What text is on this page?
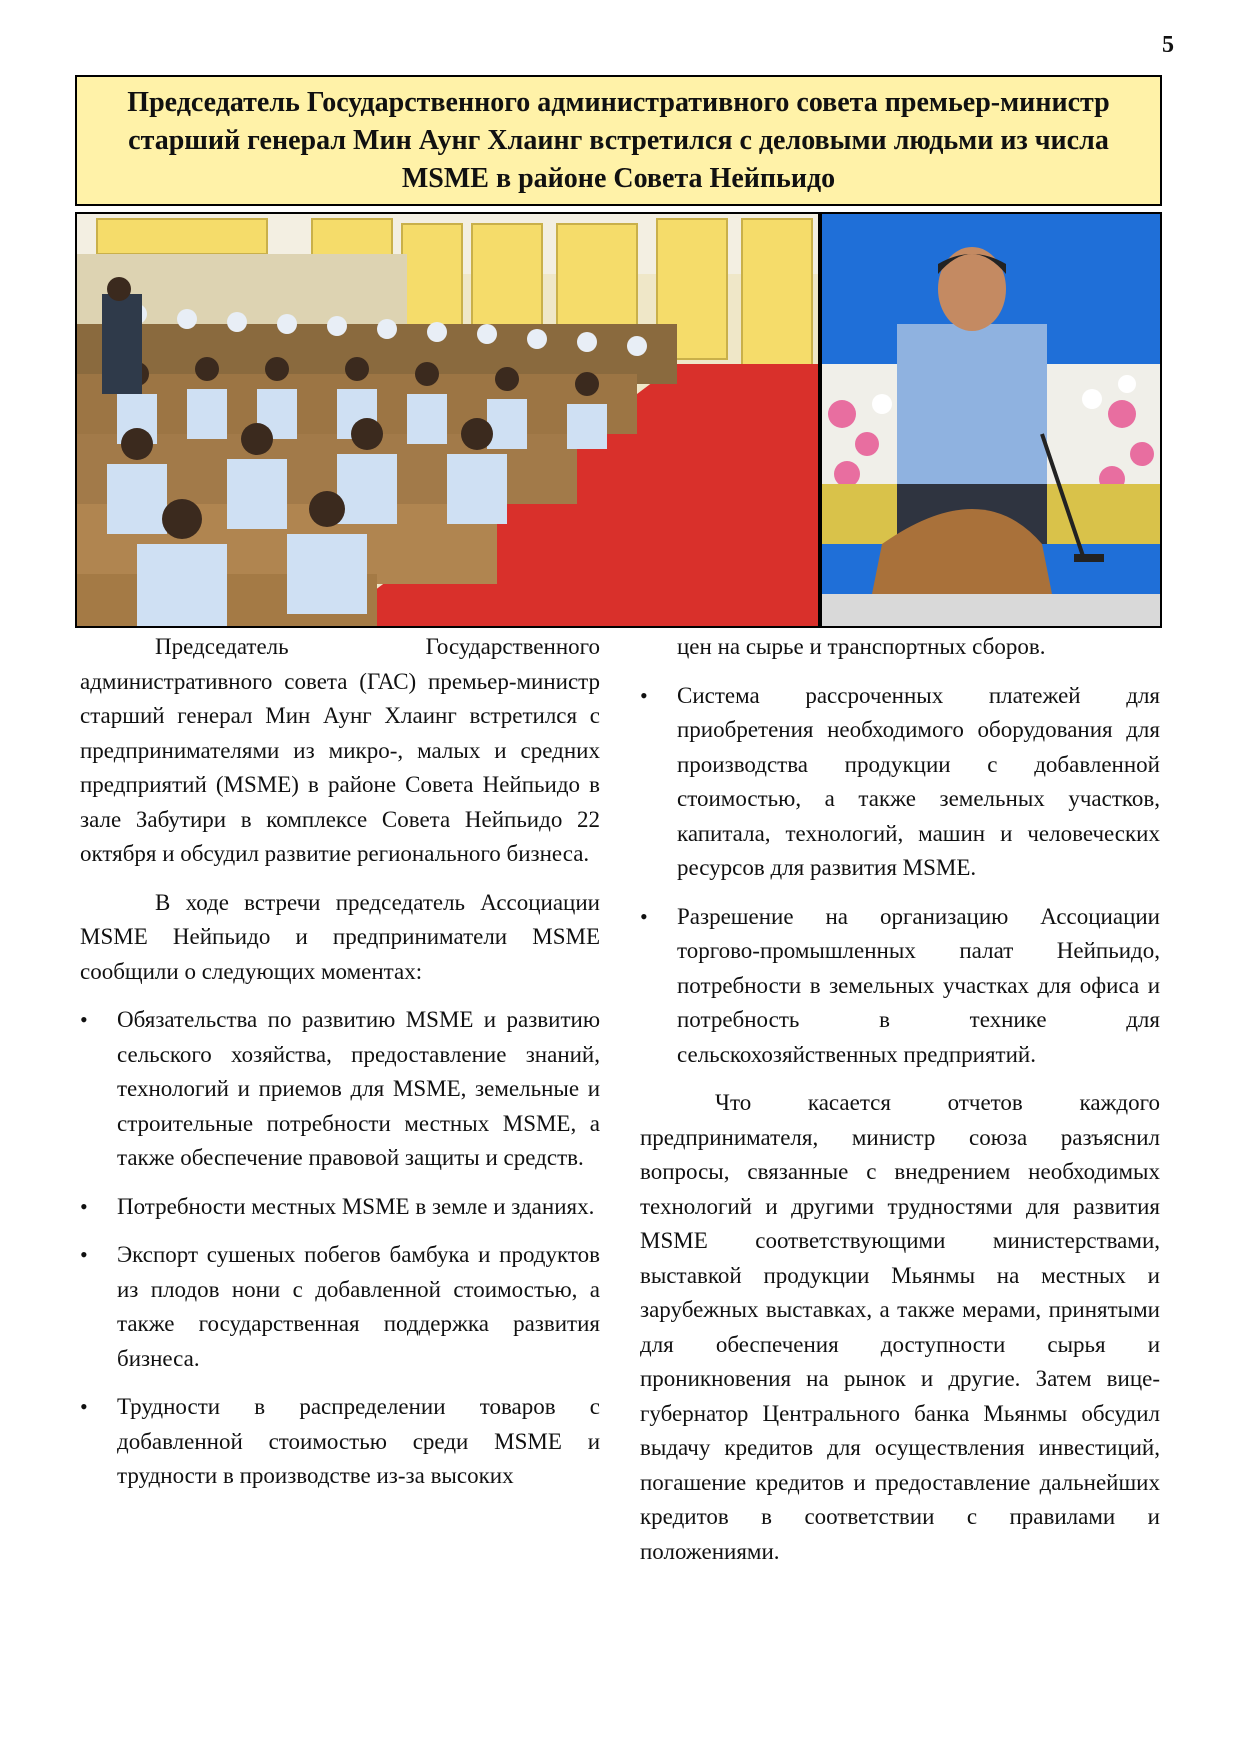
5
Председатель Государственного административного совета премьер-министр старший генерал Мин Аунг Хлаинг встретился с деловыми людьми из числа MSME в районе Совета Нейпьидо

Председатель Государственного административного совета (ГАС) премьер-министр старший генерал Мин Аунг Хлаинг встретился с предпринимателями из микро-, малых и средних предприятий (MSME) в районе Совета Нейпьидо в зале Забутири в комплексе Совета Нейпьидо 22 октября и обсудил развитие регионального бизнеса.

В ходе встречи председатель Ассоциации MSME Нейпьидо и предприниматели MSME сообщили о следующих моментах:

• Обязательства по развитию MSME и развитию сельского хозяйства, предоставление знаний, технологий и приемов для MSME, земельные и строительные потребности местных MSME, а также обеспечение правовой защиты и средств.
• Потребности местных MSME в земле и зданиях.
• Экспорт сушеных побегов бамбука и продуктов из плодов нони с добавленной стоимостью, а также государственная поддержка развития бизнеса.
• Трудности в распределении товаров с добавленной стоимостью среди MSME и трудности в производстве из-за высоких

цен на сырье и транспортных сборов.

• Система рассроченных платежей для приобретения необходимого оборудования для производства продукции с добавленной стоимостью, а также земельных участков, капитала, технологий, машин и человеческих ресурсов для развития MSME.
• Разрешение на организацию Ассоциации торгово-промышленных палат Нейпьидо, потребности в земельных участках для офиса и потребность в технике для сельскохозяйственных предприятий.

Что касается отчетов каждого предпринимателя, министр союза разъяснил вопросы, связанные с внедрением необходимых технологий и другими трудностями для развития MSME соответствующими министерствами, выставкой продукции Мьянмы на местных и зарубежных выставках, а также мерами, принятыми для обеспечения доступности сырья и проникновения на рынок и другие. Затем вице-губернатор Центрального банка Мьянмы обсудил выдачу кредитов для осуществления инвестиций, погашение кредитов и предоставление дальнейших кредитов в соответствии с правилами и положениями.
